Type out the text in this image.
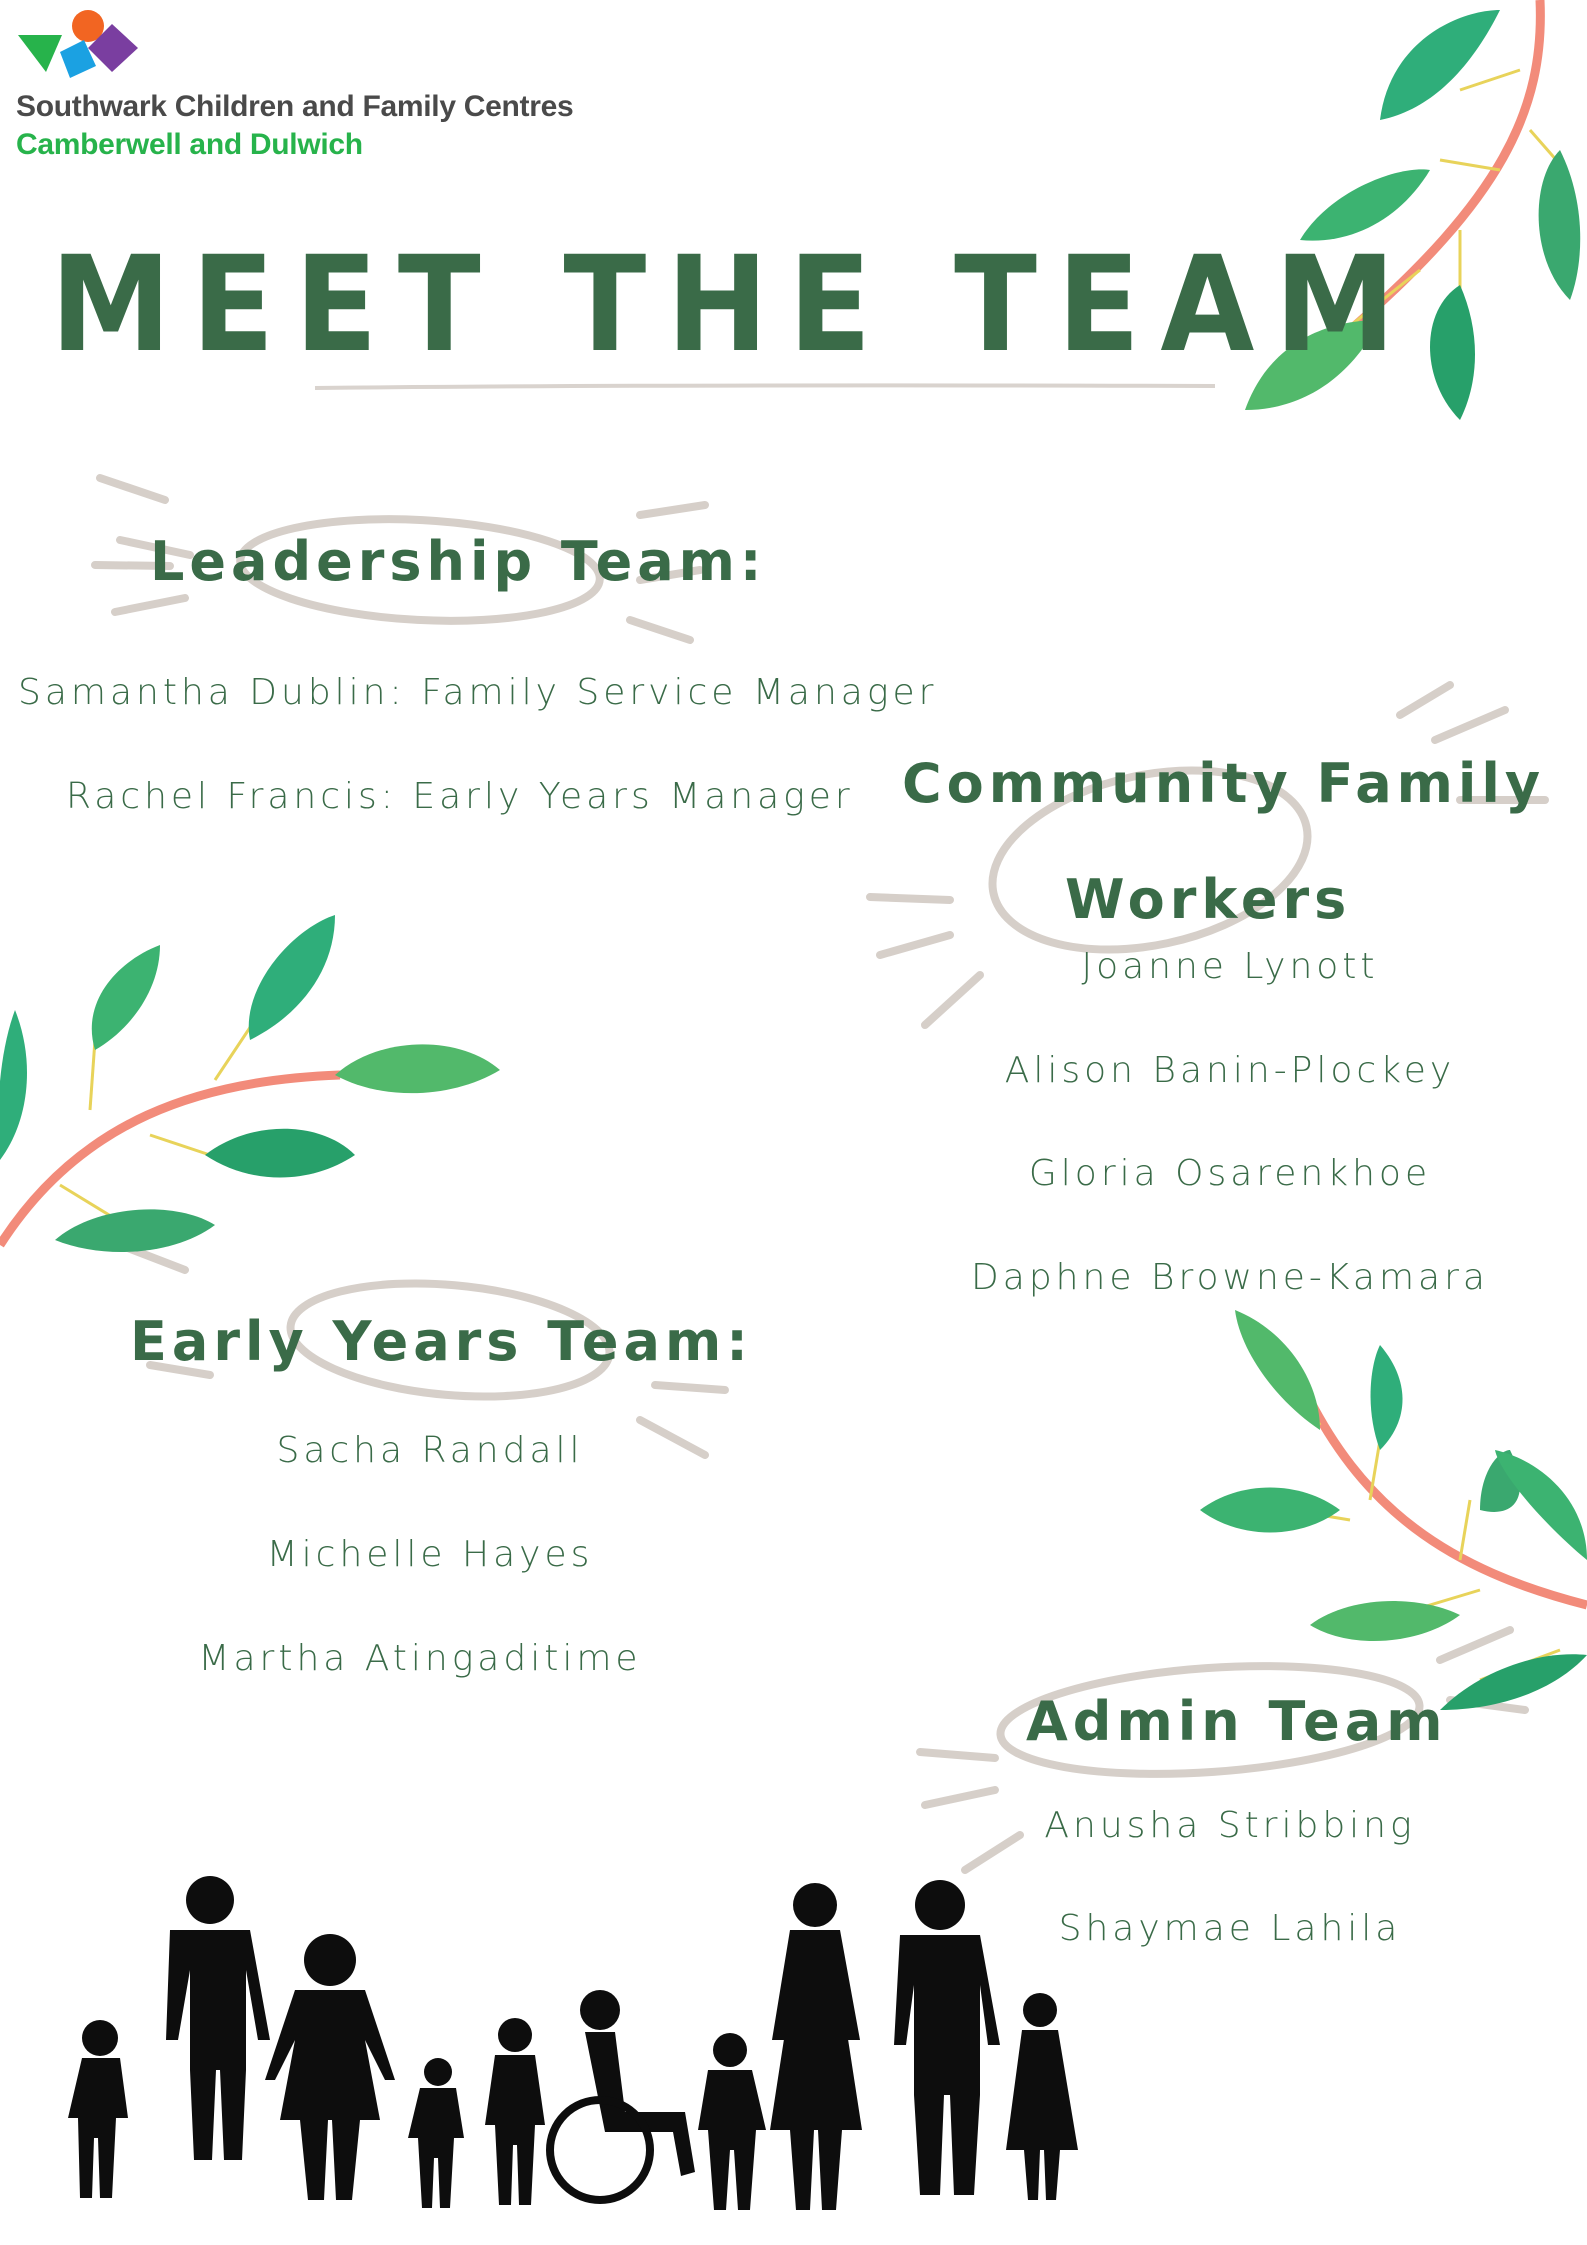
Southwark Children and Family Centres
Camberwell and Dulwich
MEET THE TEAM
Leadership Team:
Samantha Dublin: Family Service Manager
Rachel Francis: Early Years Manager Community Family
Workers
Joanne Lynott
Alison Banin-Plockey
Gloria Osarenkhoe
Daphne Browne-Kamara
Early Years Team:
Sacha Randall
Michelle Hayes
Martha Atingaditime
Admin Team
Anusha Stribbing
Shaymae Lahila
